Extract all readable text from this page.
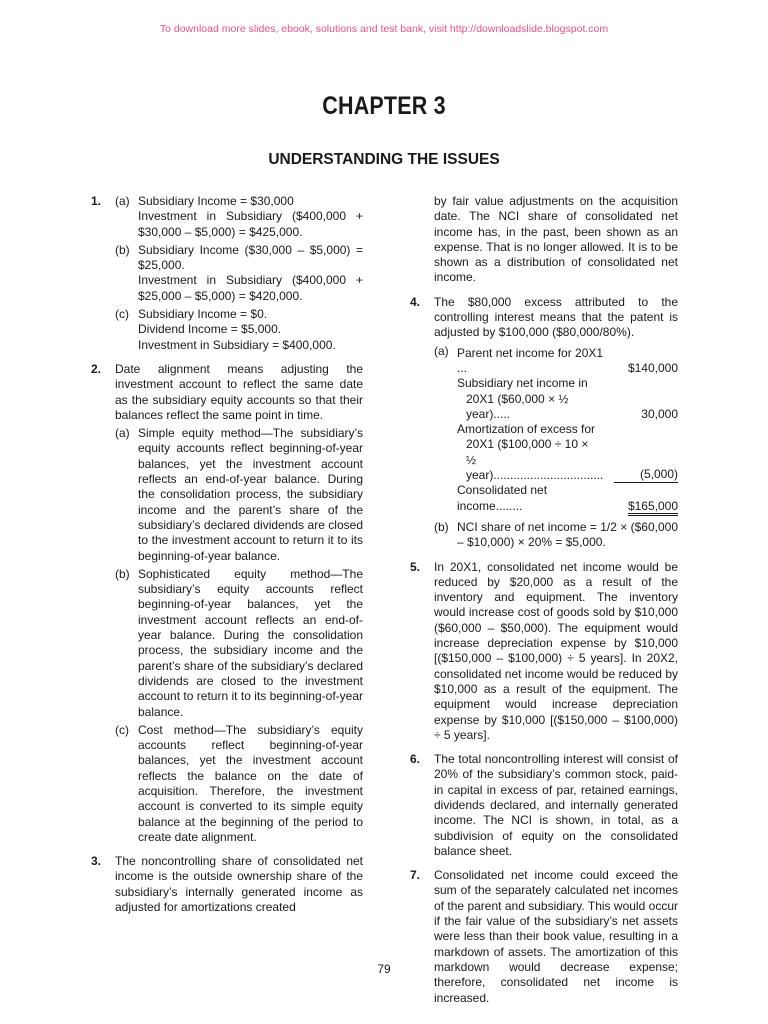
To download more slides, ebook, solutions and test bank, visit http://downloadslide.blogspot.com
CHAPTER 3
UNDERSTANDING THE ISSUES
1.	(a) Subsidiary Income = $30,000
Investment in Subsidiary ($400,000 + $30,000 – $5,000) = $425,000.
(b) Subsidiary Income ($30,000 – $5,000) = $25,000.
Investment in Subsidiary ($400,000 + $25,000 – $5,000) = $420,000.
(c) Subsidiary Income = $0.
Dividend Income = $5,000.
Investment in Subsidiary = $400,000.
2.	Date alignment means adjusting the investment account to reflect the same date as the subsidiary equity accounts so that their balances reflect the same point in time.
(a) Simple equity method—The subsidiary’s equity accounts reflect beginning-of-year balances, yet the investment account reflects an end-of-year balance. During the consolidation process, the subsidiary income and the parent’s share of the subsidiary’s declared dividends are closed to the investment account to return it to its beginning-of-year balance.
(b) Sophisticated equity method—The subsidiary’s equity accounts reflect beginning-of-year balances, yet the investment account reflects an end-of-year balance. During the consolidation process, the subsidiary income and the parent’s share of the subsidiary’s declared dividends are closed to the investment account to return it to its beginning-of-year balance.
(c) Cost method—The subsidiary’s equity accounts reflect beginning-of-year balances, yet the investment account reflects the balance on the date of acquisition. Therefore, the investment account is converted to its simple equity balance at the beginning of the period to create date alignment.
3.	The noncontrolling share of consolidated net income is the outside ownership share of the subsidiary’s internally generated income as adjusted for amortizations created
by fair value adjustments on the acquisition date. The NCI share of consolidated net income has, in the past, been shown as an expense. That is no longer allowed. It is to be shown as a distribution of consolidated net income.
4.	The $80,000 excess attributed to the controlling interest means that the patent is adjusted by $100,000 ($80,000/80%).
(a) Parent net income for 20X1 ...	$140,000
Subsidiary net income in
20X1 ($60,000 × ½ year).....	30,000
Amortization of excess for
20X1 ($100,000 ÷ 10 ×
½ year).................................	(5,000)
Consolidated net income........	$165,000
(b) NCI share of net income = 1/2 × ($60,000 – $10,000) × 20% = $5,000.
5.	In 20X1, consolidated net income would be reduced by $20,000 as a result of the inventory and equipment. The inventory would increase cost of goods sold by $10,000 ($60,000 – $50,000). The equipment would increase depreciation expense by $10,000 [($150,000 – $100,000) ÷ 5 years]. In 20X2, consolidated net income would be reduced by $10,000 as a result of the equipment. The equipment would increase depreciation expense by $10,000 [($150,000 – $100,000) ÷ 5 years].
6.	The total noncontrolling interest will consist of 20% of the subsidiary’s common stock, paid-in capital in excess of par, retained earnings, dividends declared, and internally generated income. The NCI is shown, in total, as a subdivision of equity on the consolidated balance sheet.
7.	Consolidated net income could exceed the sum of the separately calculated net incomes of the parent and subsidiary. This would occur if the fair value of the subsidiary’s net assets were less than their book value, resulting in a markdown of assets. The amortization of this markdown would decrease expense; therefore, consolidated net income is increased.
79
